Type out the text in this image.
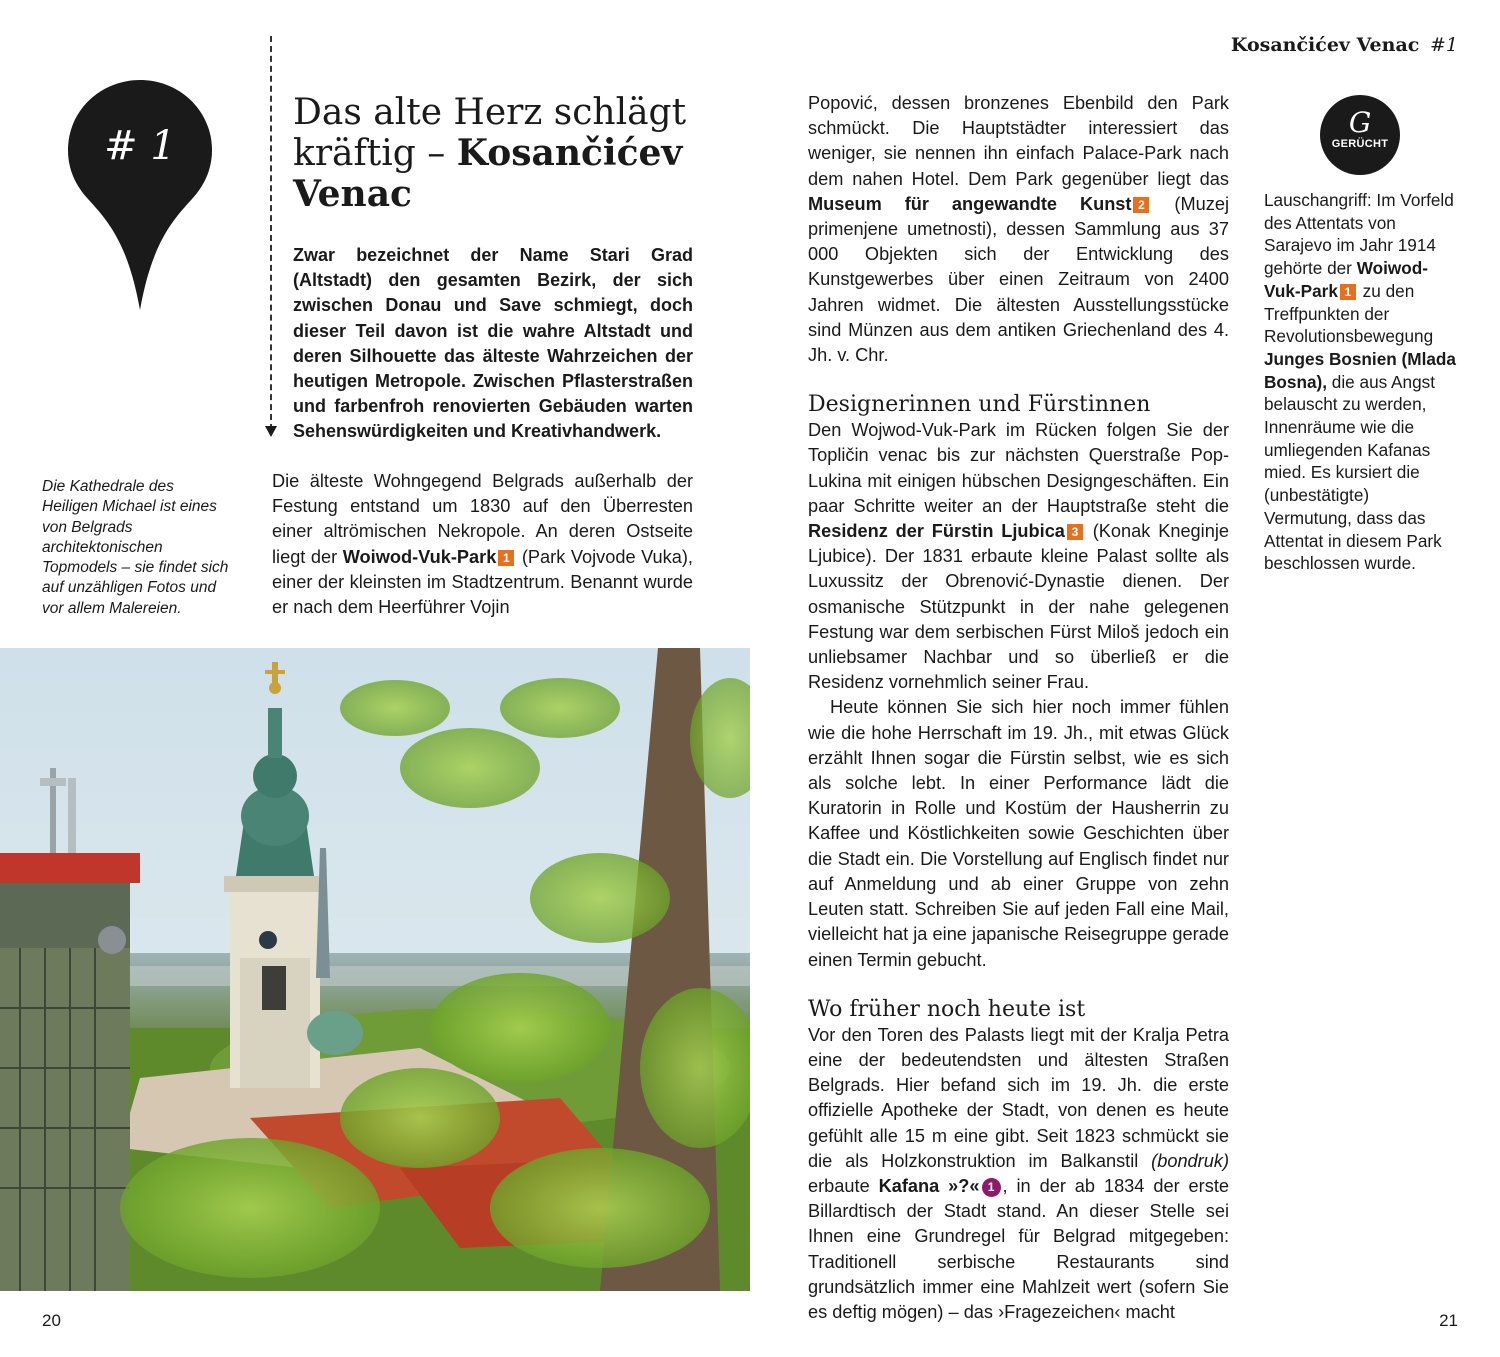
Kosančićev Venac #1
# 1
Das alte Herz schlägt
kräftig – Kosančićev Venac
Zwar bezeichnet der Name Stari Grad (Altstadt) den gesamten Bezirk, der sich zwischen Donau und Save schmiegt, doch dieser Teil davon ist die wahre Altstadt und deren Silhouette das älteste Wahrzeichen der heutigen Metropole. Zwischen Pflasterstraßen und farbenfroh renovierten Gebäuden warten Sehenswürdigkeiten und Kreativhandwerk.
Die Kathedrale des Heiligen Michael ist eines von Belgrads architektonischen Topmodels – sie findet sich auf unzähligen Fotos und vor allem Malereien.
Die älteste Wohngegend Belgrads außerhalb der Festung entstand um 1830 auf den Überresten einer altrömischen Nekropole. An deren Ostseite liegt der Woiwod-Vuk-Park 1 (Park Vojvode Vuka), einer der kleinsten im Stadtzentrum. Benannt wurde er nach dem Heerführer Vojin

Popović, dessen bronzenes Ebenbild den Park schmückt. Die Hauptstädter interessiert das weniger, sie nennen ihn einfach Palace-Park nach dem nahen Hotel. Dem Park gegenüber liegt das Museum für angewandte Kunst 2 (Muzej primenjene umetnosti), dessen Sammlung aus 37 000 Objekten sich der Entwicklung des Kunstgewerbes über einen Zeitraum von 2400 Jahren widmet. Die ältesten Ausstellungsstücke sind Münzen aus dem antiken Griechenland des 4. Jh. v. Chr.

Designerinnen und Fürstinnen

Den Wojwod-Vuk-Park im Rücken folgen Sie der Topličin venac bis zur nächsten Querstraße Pop-Lukina mit einigen hübschen Designgeschäften. Ein paar Schritte weiter an der Hauptstraße steht die Residenz der Fürstin Ljubica 3 (Konak Kneginje Ljubice). Der 1831 erbaute kleine Palast sollte als Luxussitz der Obrenović-Dynastie dienen. Der osmanische Stützpunkt in der nahe gelegenen Festung war dem serbischen Fürst Miloš jedoch ein unliebsamer Nachbar und so überließ er die Residenz vornehmlich seiner Frau.

Heute können Sie sich hier noch immer fühlen wie die hohe Herrschaft im 19. Jh., mit etwas Glück erzählt Ihnen sogar die Fürstin selbst, wie es sich als solche lebt. In einer Performance lädt die Kuratorin in Rolle und Kostüm der Hausherrin zu Kaffee und Köstlichkeiten sowie Geschichten über die Stadt ein. Die Vorstellung auf Englisch findet nur auf Anmeldung und ab einer Gruppe von zehn Leuten statt. Schreiben Sie auf jeden Fall eine Mail, vielleicht hat ja eine japanische Reisegruppe gerade einen Termin gebucht.

Wo früher noch heute ist

Vor den Toren des Palasts liegt mit der Kralja Petra eine der bedeutendsten und ältesten Straßen Belgrads. Hier befand sich im 19. Jh. die erste offizielle Apotheke der Stadt, von denen es heute gefühlt alle 15 m eine gibt. Seit 1823 schmückt sie die als Holzkonstruktion im Balkanstil (bondruk) erbaute Kafana »?« 1 , in der ab 1834 der erste Billardtisch der Stadt stand. An dieser Stelle sei Ihnen eine Grundregel für Belgrad mitgegeben: Traditionell serbische Restaurants sind grundsätzlich immer eine Mahlzeit wert (sofern Sie es deftig mögen) – das ›Fragezeichen‹ macht

G
GERÜCHT
Lauschangriff: Im Vorfeld des Attentats von Sarajevo im Jahr 1914 gehörte der Woiwod-Vuk-Park 1 zu den Treffpunkten der Revolutionsbewegung Junges Bosnien (Mlada Bosna), die aus Angst belauscht zu werden, Innenräume wie die umliegenden Kafanas mied. Es kursiert die (unbestätigte) Vermutung, dass das Attentat in diesem Park beschlossen wurde.
20	21
